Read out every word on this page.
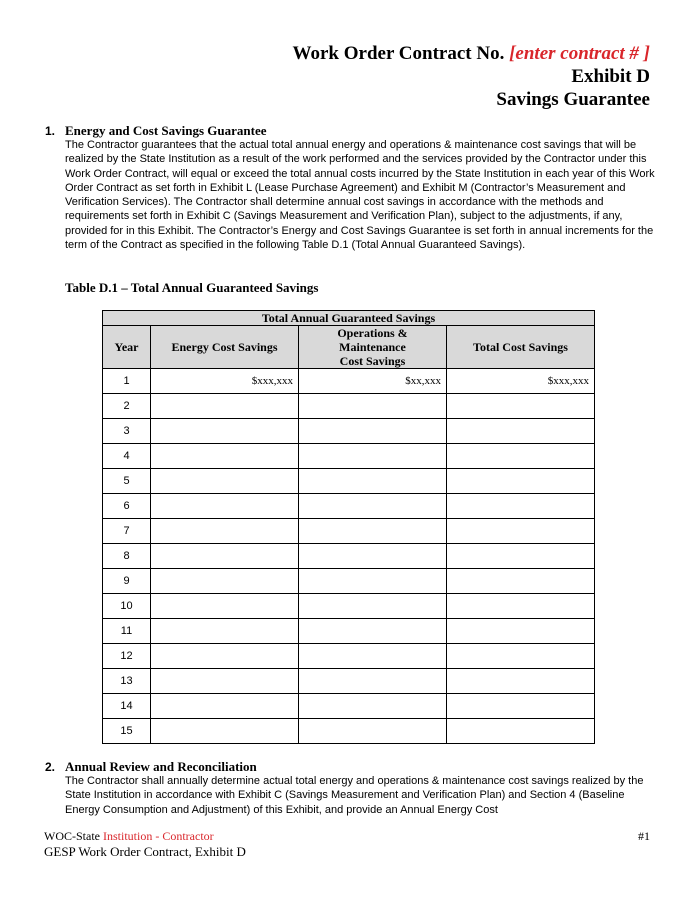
Work Order Contract No. [enter contract # ]
Exhibit D
Savings Guarantee
1. Energy and Cost Savings Guarantee
The Contractor guarantees that the actual total annual energy and operations & maintenance cost savings that will be realized by the State Institution as a result of the work performed and the services provided by the Contractor under this Work Order Contract, will equal or exceed the total annual costs incurred by the State Institution in each year of this Work Order Contract as set forth in Exhibit L (Lease Purchase Agreement) and Exhibit M (Contractor’s Measurement and Verification Services). The Contractor shall determine annual cost savings in accordance with the methods and requirements set forth in Exhibit C (Savings Measurement and Verification Plan), subject to the adjustments, if any, provided for in this Exhibit. The Contractor’s Energy and Cost Savings Guarantee is set forth in annual increments for the term of the Contract as specified in the following Table D.1 (Total Annual Guaranteed Savings).
Table D.1 – Total Annual Guaranteed Savings
Total Annual Guaranteed Savings			
Year	Energy Cost Savings	Operations &
Maintenance
Cost Savings	Total Cost Savings
1	$xxx,xxx	$xx,xxx	$xxx,xxx
2			
3			
4			
5			
6			
7			
8			
9			
10			
11			
12			
13			
14			
15			
2. Annual Review and Reconciliation
The Contractor shall annually determine actual total energy and operations & maintenance cost savings realized by the State Institution in accordance with Exhibit C (Savings Measurement and Verification Plan) and Section 4 (Baseline Energy Consumption and Adjustment) of this Exhibit, and provide an Annual Energy Cost
WOC-State Institution - Contractor
GESP Work Order Contract, Exhibit D
#1
